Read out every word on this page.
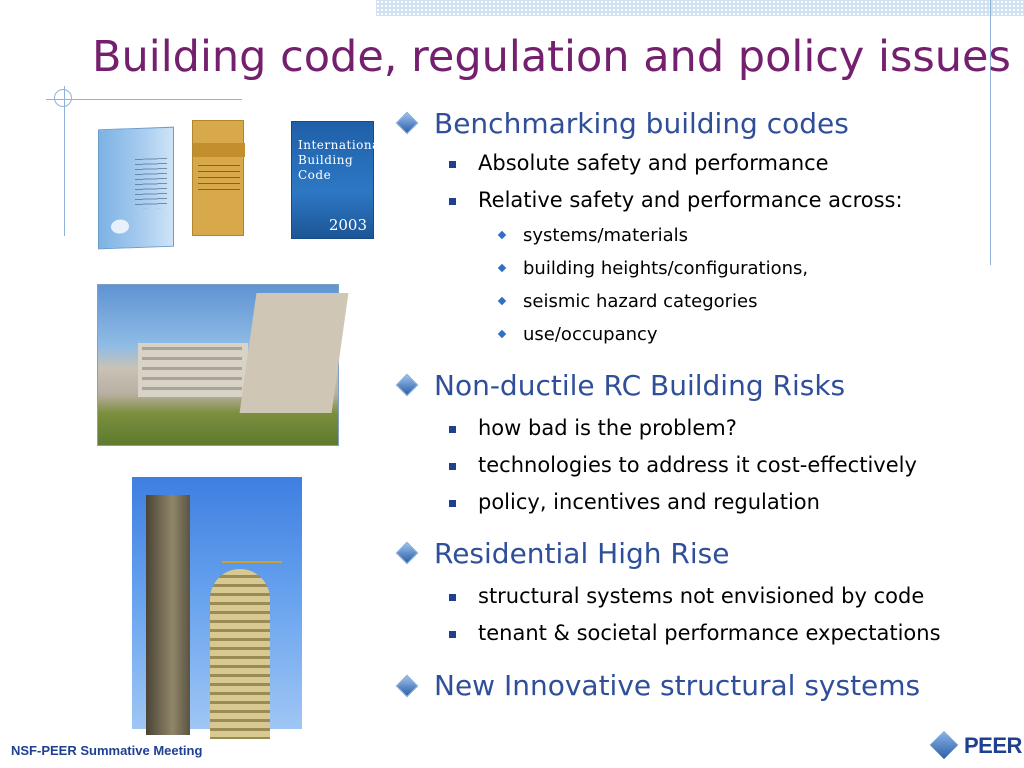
Building code, regulation and policy issues
International
Building
Code
2003
Benchmarking building codes
Absolute safety and performance
Relative safety and performance across:
systems/materials
building heights/configurations,
seismic hazard categories
use/occupancy
Non-ductile RC Building Risks
how bad is the problem?
technologies to address it cost-effectively
policy, incentives and regulation
Residential High Rise
structural systems not envisioned by code
tenant & societal performance expectations
New Innovative structural systems
NSF-PEER Summative Meeting	PEER
